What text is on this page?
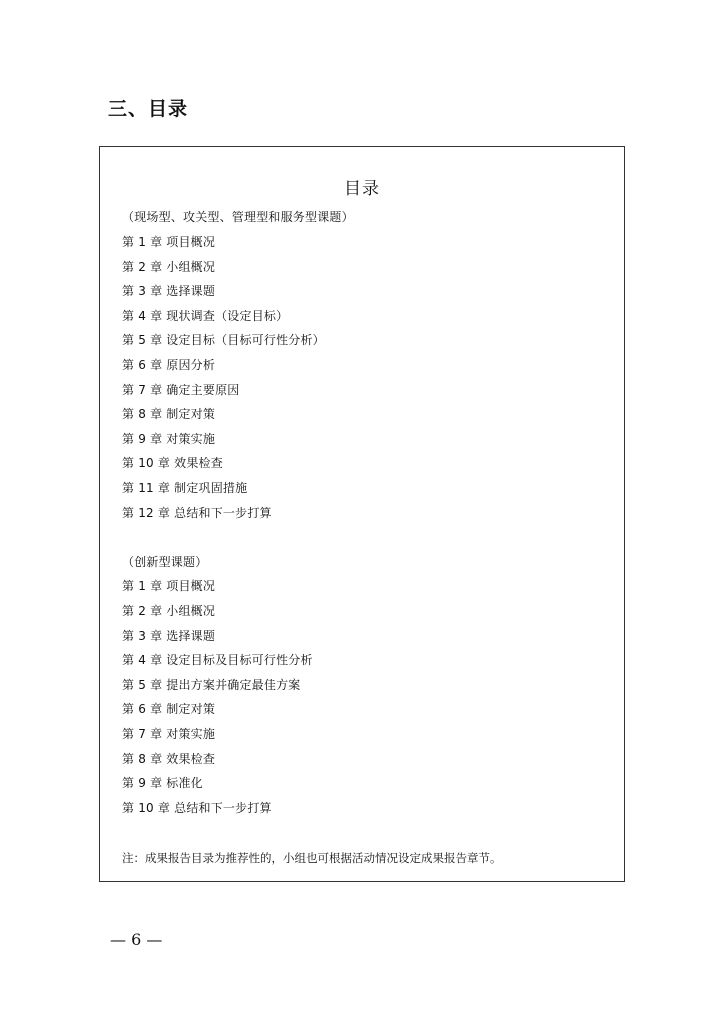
三、目录
目录
（现场型、攻关型、管理型和服务型课题）
第 1 章 项目概况
第 2 章 小组概况
第 3 章 选择课题
第 4 章 现状调查（设定目标）
第 5 章 设定目标（目标可行性分析）
第 6 章 原因分析
第 7 章 确定主要原因
第 8 章 制定对策
第 9 章 对策实施
第 10 章 效果检查
第 11 章 制定巩固措施
第 12 章 总结和下一步打算
（创新型课题）
第 1 章 项目概况
第 2 章 小组概况
第 3 章 选择课题
第 4 章 设定目标及目标可行性分析
第 5 章 提出方案并确定最佳方案
第 6 章 制定对策
第 7 章 对策实施
第 8 章 效果检查
第 9 章 标准化
第 10 章 总结和下一步打算
注：成果报告目录为推荐性的，小组也可根据活动情况设定成果报告章节。
— 6 —
